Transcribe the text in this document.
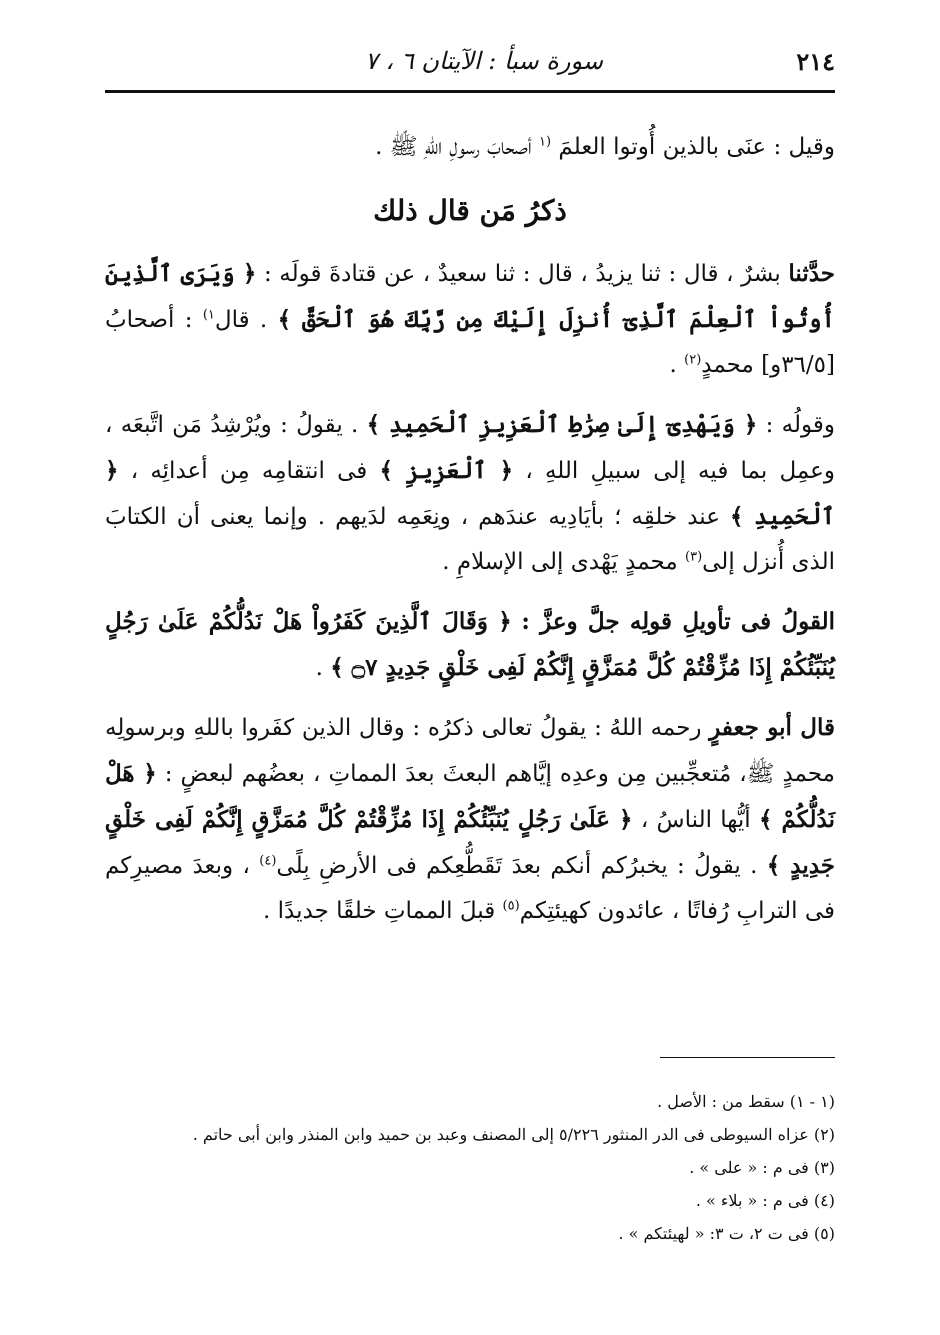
٢١٤
سورة سبأ : الآيتان ٦ ، ٧

وقيل : عنَى بالذين أُوتوا العلمَ $^{(١}$ أصحابَ رسولِ اللهِ ﷺ .

ذكرُ مَن قال ذلك

حدَّثنا بشرٌ ، قال : ثنا يزيدُ ، قال : ثنا سعيدٌ ، عن قتادةَ قولَه : ﴿ وَيَرَى ٱلَّذِينَ أُوتُواْ ٱلْعِلْمَ ٱلَّذِىٓ أُنزِلَ إِلَيْكَ مِن رَّبِّكَ هُوَ ٱلْحَقَّ ﴾ . قال$^{١)}$ : أصحابُ [٣٦/٥و] محمدٍ$^{(٢)}$ .

وقولُه : ﴿ وَيَهْدِىٓ إِلَىٰ صِرَٰطِ ٱلْعَزِيزِ ٱلْحَمِيدِ ﴾ . يقولُ : ويُرْشِدُ مَن اتَّبعَه ، وعمِل بما فيه إلى سبيلِ اللهِ ، ﴿ ٱلْعَزِيزِ ﴾ فى انتقامِه مِن أعدائِه ، ﴿ ٱلْحَمِيدِ ﴾ عند خلقِه ؛ بأيَادِيه عندَهم ، ونِعَمِه لدَيهم . وإنما يعنى أن الكتابَ الذى أُنزل إلى$^{(٣)}$ محمدٍ يَهْدى إلى الإسلامِ .

القولُ فى تأويلِ قولِه جلَّ وعزَّ : ﴿ وَقَالَ ٱلَّذِينَ كَفَرُواْ هَلْ نَدُلُّكُمْ عَلَىٰ رَجُلٍ يُنَبِّئُكُمْ إِذَا مُزِّقْتُمْ كُلَّ مُمَزَّقٍ إِنَّكُمْ لَفِى خَلْقٍ جَدِيدٍ ۝٧ ﴾ .

قال أبو جعفرٍ رحمه اللهُ : يقولُ تعالى ذكرُه : وقال الذين كفَروا باللهِ وبرسولِه محمدٍ ﷺ، مُتعجِّبين مِن وعدِه إيَّاهم البعثَ بعدَ المماتِ ، بعضُهم لبعضٍ : ﴿ هَلْ نَدُلُّكُمْ ﴾ أيُّها الناسُ ، ﴿ عَلَىٰ رَجُلٍ يُنَبِّئُكُمْ إِذَا مُزِّقْتُمْ كُلَّ مُمَزَّقٍ إِنَّكُمْ لَفِى خَلْقٍ جَدِيدٍ ﴾ . يقولُ : يخبرُكم أنكم بعدَ تَقَطُّعِكم فى الأرضِ بِلًى$^{(٤)}$ ، وبعدَ مصيرِكم فى الترابِ رُفاتًا ، عائدون كهيئتِكم$^{(٥)}$ قبلَ المماتِ خلقًا جديدًا .

(١ - ١) سقط من : الأصل .
(٢) عزاه السيوطى فى الدر المنثور ٥/٢٢٦ إلى المصنف وعبد بن حميد وابن المنذر وابن أبى حاتم .
(٣) فى م : « على » .
(٤) فى م : « بلاء » .
(٥) فى ت ٢، ت ٣: « لهيئتكم » .
